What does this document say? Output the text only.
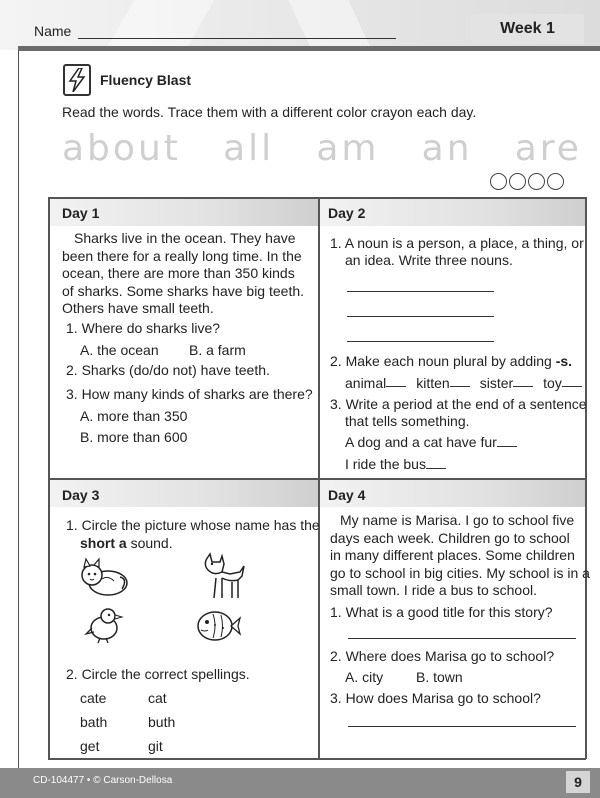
Name	Week 1
Fluency Blast
Read the words. Trace them with a different color crayon each day.
about all am an are
Day 1
Sharks live in the ocean. They have
been there for a really long time. In the
ocean, there are more than 350 kinds
of sharks. Some sharks have big teeth.
Others have small teeth.
1. Where do sharks live?
A. the ocean B. a farm
2. Sharks (do/do not) have teeth.
3. How many kinds of sharks are there?
A. more than 350
B. more than 600
Day 2
1. A noun is a person, a place, a thing, or
an idea. Write three nouns.
2. Make each noun plural by adding -s.
animal kitten sister toy
3. Write a period at the end of a sentence
that tells something.
A dog and a cat have fur
I ride the bus
Day 3
1. Circle the picture whose name has the
short a sound.
2. Circle the correct spellings.
cate	cat
bath	buth
get	git
Day 4
My name is Marisa. I go to school five
days each week. Children go to school
in many different places. Some children
go to school in big cities. My school is in a
small town. I ride a bus to school.
1. What is a good title for this story?
2. Where does Marisa go to school?
A. city B. town
3. How does Marisa go to school?
CD-104477 • © Carson-Dellosa	9
